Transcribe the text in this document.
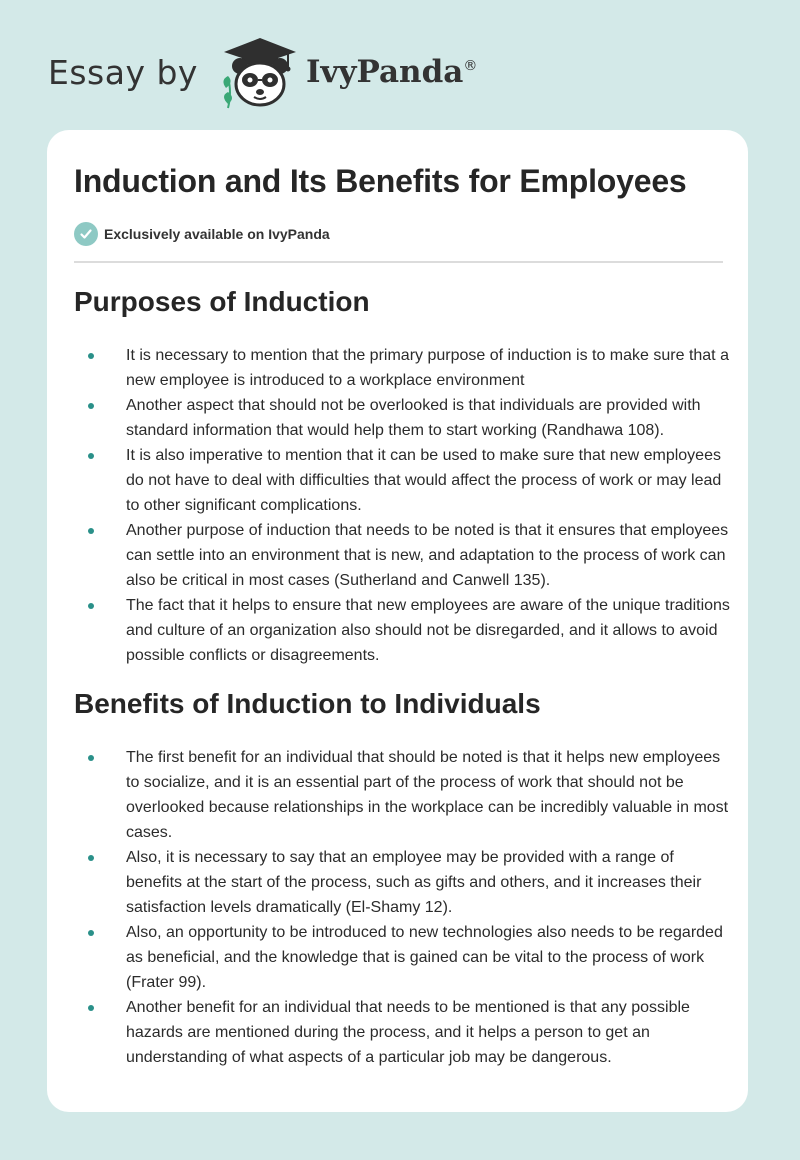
Essay by	IvyPanda®
Induction and Its Benefits for Employees
Exclusively available on IvyPanda
Purposes of Induction
It is necessary to mention that the primary purpose of induction is to make sure that a new employee is introduced to a workplace environment
Another aspect that should not be overlooked is that individuals are provided with standard information that would help them to start working (Randhawa 108).
It is also imperative to mention that it can be used to make sure that new employees do not have to deal with difficulties that would affect the process of work or may lead to other significant complications.
Another purpose of induction that needs to be noted is that it ensures that employees can settle into an environment that is new, and adaptation to the process of work can also be critical in most cases (Sutherland and Canwell 135).
The fact that it helps to ensure that new employees are aware of the unique traditions and culture of an organization also should not be disregarded, and it allows to avoid possible conflicts or disagreements.
Benefits of Induction to Individuals
The first benefit for an individual that should be noted is that it helps new employees to socialize, and it is an essential part of the process of work that should not be overlooked because relationships in the workplace can be incredibly valuable in most cases.
Also, it is necessary to say that an employee may be provided with a range of benefits at the start of the process, such as gifts and others, and it increases their satisfaction levels dramatically (El-Shamy 12).
Also, an opportunity to be introduced to new technologies also needs to be regarded as beneficial, and the knowledge that is gained can be vital to the process of work (Frater 99).
Another benefit for an individual that needs to be mentioned is that any possible hazards are mentioned during the process, and it helps a person to get an understanding of what aspects of a particular job may be dangerous.
